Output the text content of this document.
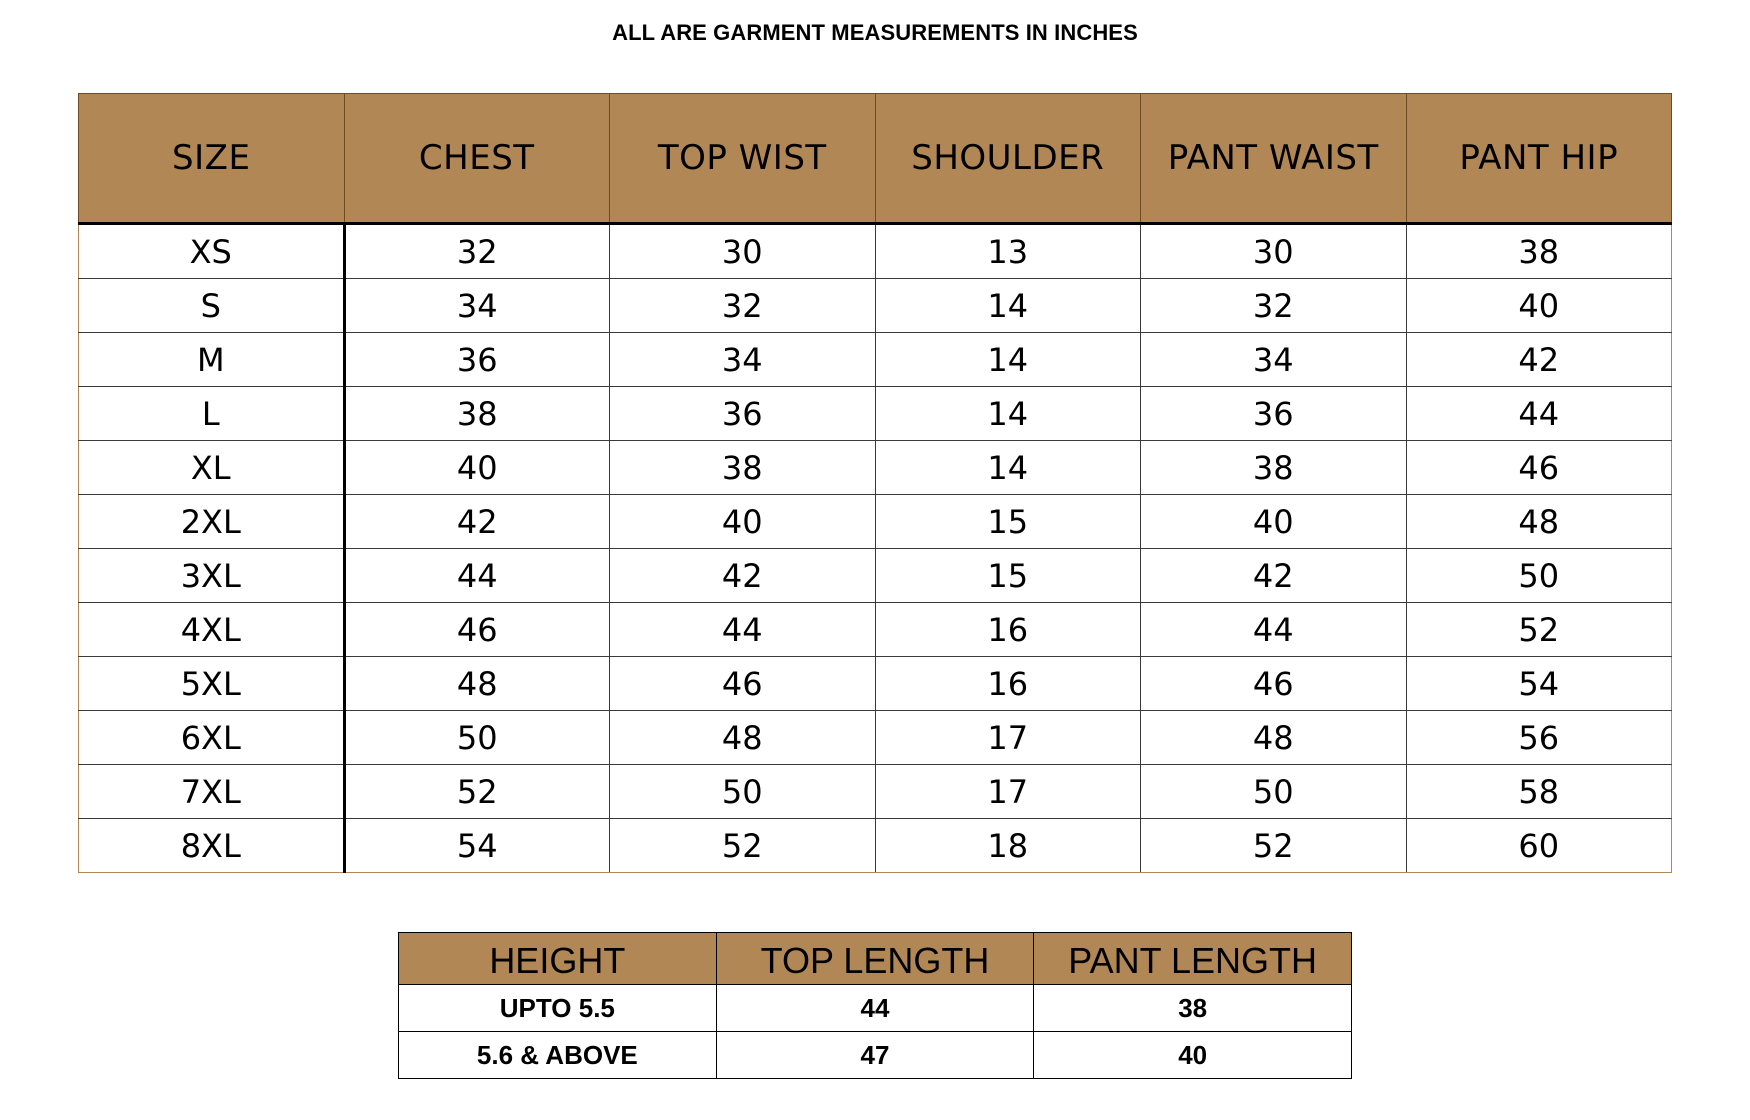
ALL ARE GARMENT MEASUREMENTS IN INCHES
SIZE	CHEST	TOP WIST	SHOULDER	PANT WAIST	PANT HIP
XS	32	30	13	30	38
S	34	32	14	32	40
M	36	34	14	34	42
L	38	36	14	36	44
XL	40	38	14	38	46
2XL	42	40	15	40	48
3XL	44	42	15	42	50
4XL	46	44	16	44	52
5XL	48	46	16	46	54
6XL	50	48	17	48	56
7XL	52	50	17	50	58
8XL	54	52	18	52	60
HEIGHT	TOP LENGTH	PANT LENGTH
UPTO 5.5	44	38
5.6 & ABOVE	47	40
